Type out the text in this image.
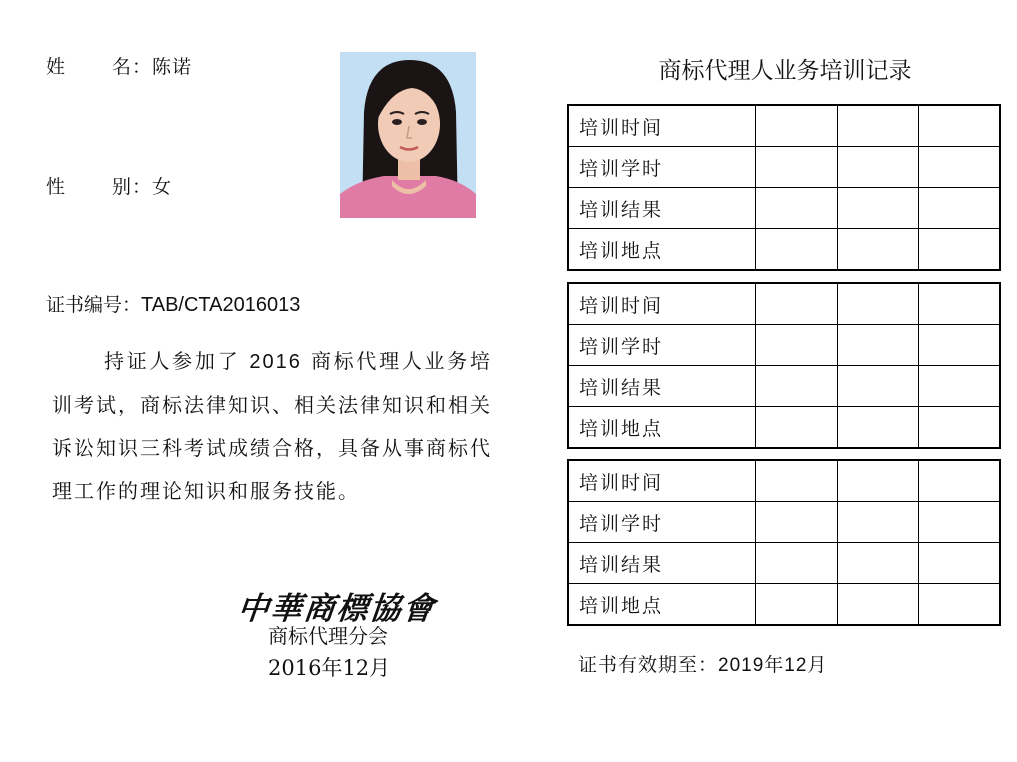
姓 名：陈诺
性 别：女
证书编号：TAB/CTA2016013
持证人参加了 2016 商标代理人业务培训考试，商标法律知识、相关法律知识和相关诉讼知识三科考试成绩合格，具备从事商标代理工作的理论知识和服务技能。
中華商標協會
商标代理分会
2016年12月
商标代理人业务培训记录
培训时间			
培训学时			
培训结果			
培训地点			
培训时间			
培训学时			
培训结果			
培训地点			
培训时间			
培训学时			
培训结果			
培训地点			
证书有效期至：2019年12月
